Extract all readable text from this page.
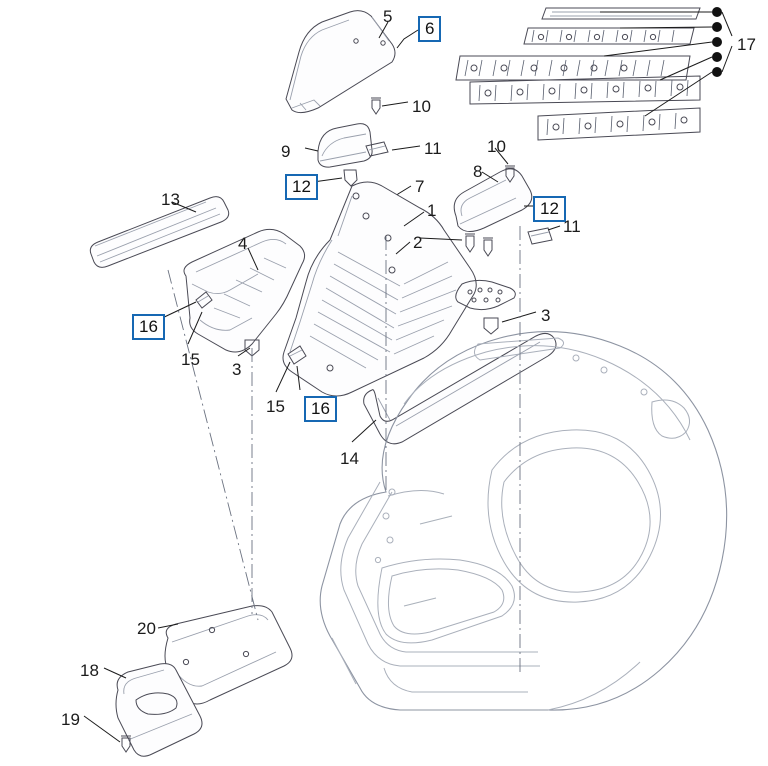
5
6
17
10
9	11	10
8
12	7
13	12
1
11
4	2
3
16
15
3
15	16
14
20
18
19
